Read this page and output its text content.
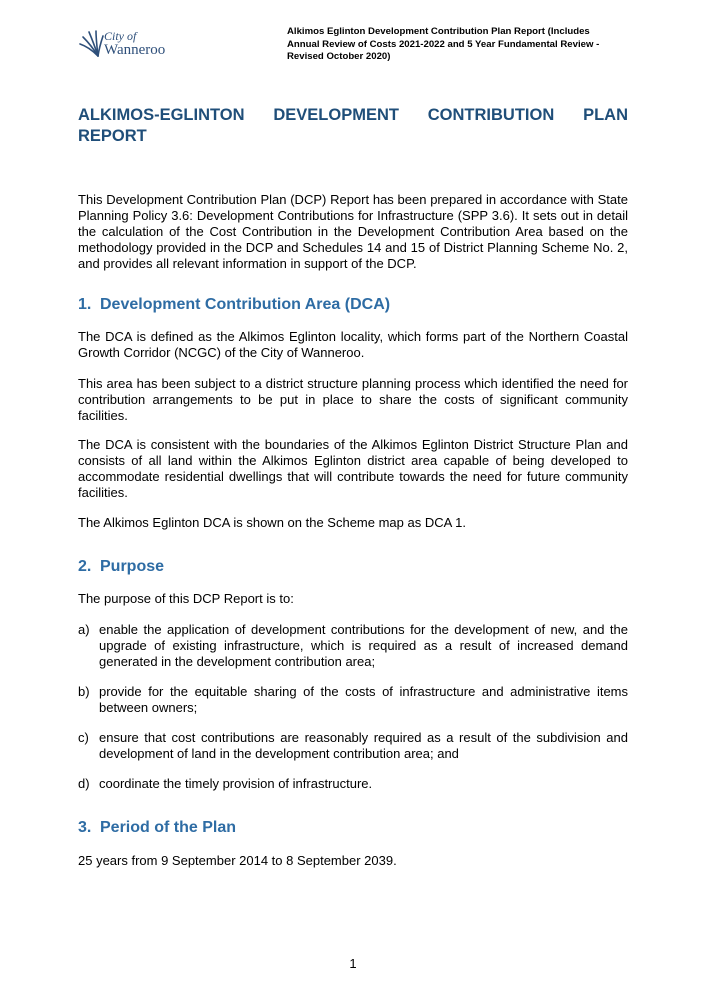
City of
Wanneroo
Alkimos Eglinton Development Contribution Plan Report (Includes Annual Review of Costs 2021-2022 and 5 Year Fundamental Review - Revised October 2020)
ALKIMOS-EGLINTON DEVELOPMENT CONTRIBUTION PLAN
REPORT

This Development Contribution Plan (DCP) Report has been prepared in accordance with State Planning Policy 3.6: Development Contributions for Infrastructure (SPP 3.6). It sets out in detail the calculation of the Cost Contribution in the Development Contribution Area based on the methodology provided in the DCP and Schedules 14 and 15 of District Planning Scheme No. 2, and provides all relevant information in support of the DCP.

1. Development Contribution Area (DCA)

The DCA is defined as the Alkimos Eglinton locality, which forms part of the Northern Coastal Growth Corridor (NCGC) of the City of Wanneroo.

This area has been subject to a district structure planning process which identified the need for contribution arrangements to be put in place to share the costs of significant community facilities.

The DCA is consistent with the boundaries of the Alkimos Eglinton District Structure Plan and consists of all land within the Alkimos Eglinton district area capable of being developed to accommodate residential dwellings that will contribute towards the need for future community facilities.

The Alkimos Eglinton DCA is shown on the Scheme map as DCA 1.

2. Purpose

The purpose of this DCP Report is to:

a) enable the application of development contributions for the development of new, and the upgrade of existing infrastructure, which is required as a result of increased demand generated in the development contribution area;
b) provide for the equitable sharing of the costs of infrastructure and administrative items between owners;
c) ensure that cost contributions are reasonably required as a result of the subdivision and development of land in the development contribution area; and
d) coordinate the timely provision of infrastructure.
3. Period of the Plan

25 years from 9 September 2014 to 8 September 2039.

1
